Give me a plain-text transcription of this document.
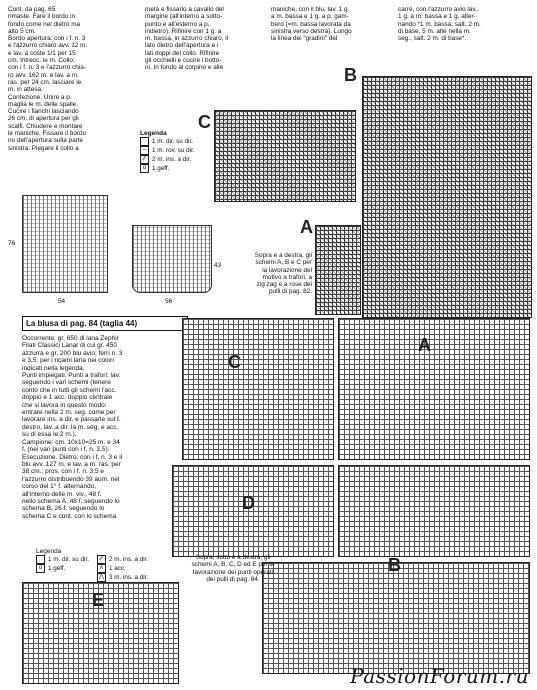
Cont. da pag. 65
rimaste. Fare il bordo in
fondo come nel dietro ma
alto 5 cm.
Bordo apertura: con i f. n. 3
e l'azzurro chiaro avv. 12 m.
e lav. a coste 1/1 per 15
cm. Intrecc. le m. Collo:
con i f. n. 3 e l'azzurro chia-
ro avv. 162 m. e lav. a m.
ras. per 24 cm. lasciare le
m. in attesa.
Confezione. Unire a p.
maglia le m. delle spalle.
Cucire i fianchi lasciando
26 cm. di apertura per gli
scalfi. Chiudere e montare
le maniche. Fissare il bordo
no dell'apertura sulla parte
sinistra. Piegare il collo a
metà e fissarlo a cavallo del
margine (all'interno a sotto-
punto e all'esterno a p.
indietro). Rifinire con 1 g. a
m. bassa, in azzurro chiaro, il
lato dietro dell'apertura e i
lati doppi del collo. Rifinire
gli occhielli e cucire i botto-
ni. In fondo al corpino e alle
maniche, con il blu, lav. 1 g.
a m. bassa e 1 g. a p. gam-
bero (=m. bassa lavorata da
sinistra verso destra). Lungo
la linea dei "gradini" del
carré, con l'azzurro avio lav.,
1 g. a m. bassa e 1 g. alter-
nando *1 m. bassa, salt. 2 m.
di base, 5 m. alte nella m.
seg., salt. 2 m. di base*.
Legenda
1 m. dir. su dir.
– 1 m. rov. su dir.
⁄⁄	2 m. ins. a dir.
o 1 geff.
76
54
43
56
C
B
A
Sopra e a destra, gli
schemi A, B e C per
la lavorazione del
motivo a trafori, a
zig zag e a rose dei
pulli di pag. 82.
La blusa di pag. 84 (taglia 44)
Occorrente: gr. 650 di lana Zephir
Filati Classici Lanar di cui gr. 450
azzurra e gr. 200 blu avio; ferri n. 3
e 3,5; per i ricami lana nei colori
indicati nella legenda.
Punti impiegati. Punti a trafori: lav.
seguendo i vari schemi (tenere
conto che in tutti gli schemi l'acc.
doppio e 1 acc. doppio centrale
che si lavora in questo modo:
entrare nella 2 m. seg. come per
lavorare ins. a dir. e passarle sul f.
destro, lav. a dir. la m. seg. e acc.
su di essa le 2 m.).
Campione: cm. 10x10=25 m. e 34
f. (nei vari punti con i f. n. 3,5).
Esecuzione. Dietro: con i f. n. 3 e il
blu avv. 127 m. e lav. a m. ras. per
38 cm.; pros. con i f. n. 3,5 e
l'azzurro distribuendo 39 aum. nel
corso del 1° f. alternando,
all'interno delle m. viv., 48 f.
nello schema A, 48 f. seguendo lo
schema B, 26 f. seguendo lo
schema C e cont. con lo schema
C
A
D
E
B
Legenda
1 m. dir. su dir.
o 1 geff.
⁄⁄	2 m. ins. a dir.
∧ 1 acc.
⋀ 3 m. ins. a dir.
Sopra, sotto e a destra, gli
schemi A, B, C, D ed E per la
lavorazione dei punti operati
dei pulli di pag. 84.
PassionForum.ru
